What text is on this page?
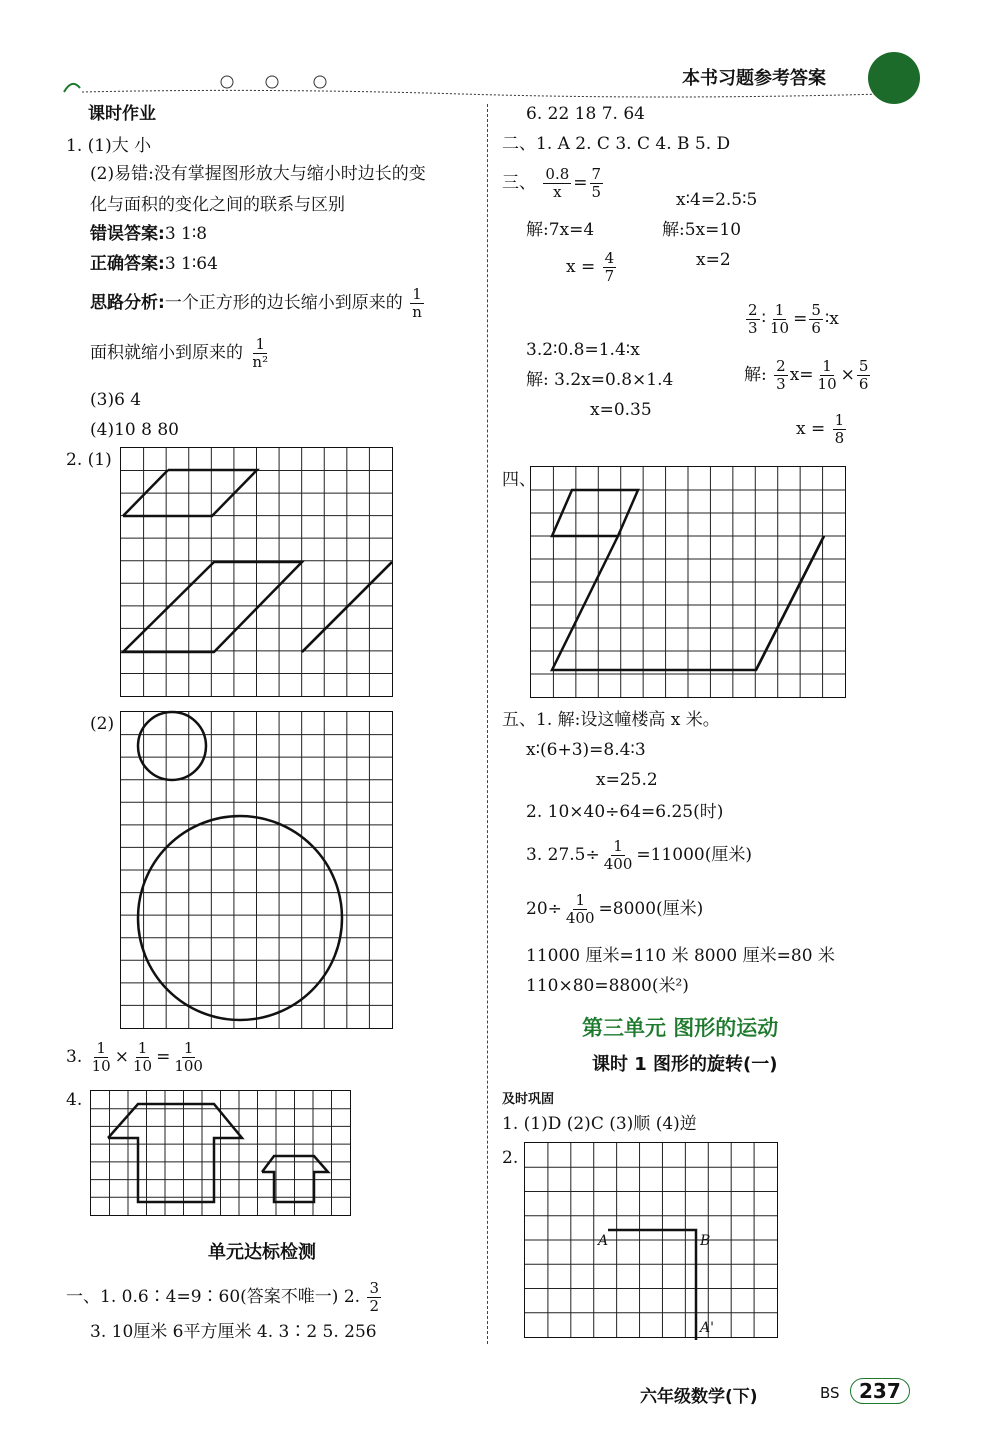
本书习题参考答案
课时作业
1. (1)大 小
(2)易错:没有掌握图形放大与缩小时边长的变
化与面积的变化之间的联系与区别
错误答案:3 1∶8
正确答案:3 1∶64
思路分析:一个正方形的边长缩小到原来的 $\frac{1}{n}$
面积就缩小到原来的 $\frac{1}{\text{n²}}$
(3)6 4
(4)10 8 80
2. (1)
(2)
3. $\frac{1}{10} \times \frac{1}{10} = \frac{1}{100}$
4.
单元达标检测
一、1. 0.6∶4=9∶60(答案不唯一) 2. $\frac{3}{2}$
3. 10厘米 6平方厘米 4. 3∶2 5. 256
6. 22 18 7. 64
二、1. A 2. C 3. C 4. B 5. D
三、 $\frac{0.8}{x} = \frac{7}{5}$	x∶4=2.5∶5
解:7x=4	解:5x=10
$x = \frac{4}{7}$	x=2
$\frac{2}{3}$ ∶ $\frac{1}{10} = \frac{5}{6}$ ∶x
3.2∶0.8=1.4∶x
解: 3.2x=0.8×1.4	解: $\frac{2}{3} x= \frac{1}{10} \times \frac{5}{6}$
x=0.35
$x = \frac{1}{8}$
四、
五、1. 解:设这幢楼高 x 米。
x∶(6+3)=8.4∶3
x=25.2
2. 10×40÷64=6.25(时)
3. $27.5\div \frac{1}{400} =11000$(厘米)
$20\div \frac{1}{400} =8000$(厘米)
11000 厘米=110 米 8000 厘米=80 米
110×80=8800(米²)
第三单元 图形的运动
课时 1 图形的旋转(一)
及时巩固
1. (1)D (2)C (3)顺 (4)逆
2.
A	B
A'
六年级数学(下)	BS 237
